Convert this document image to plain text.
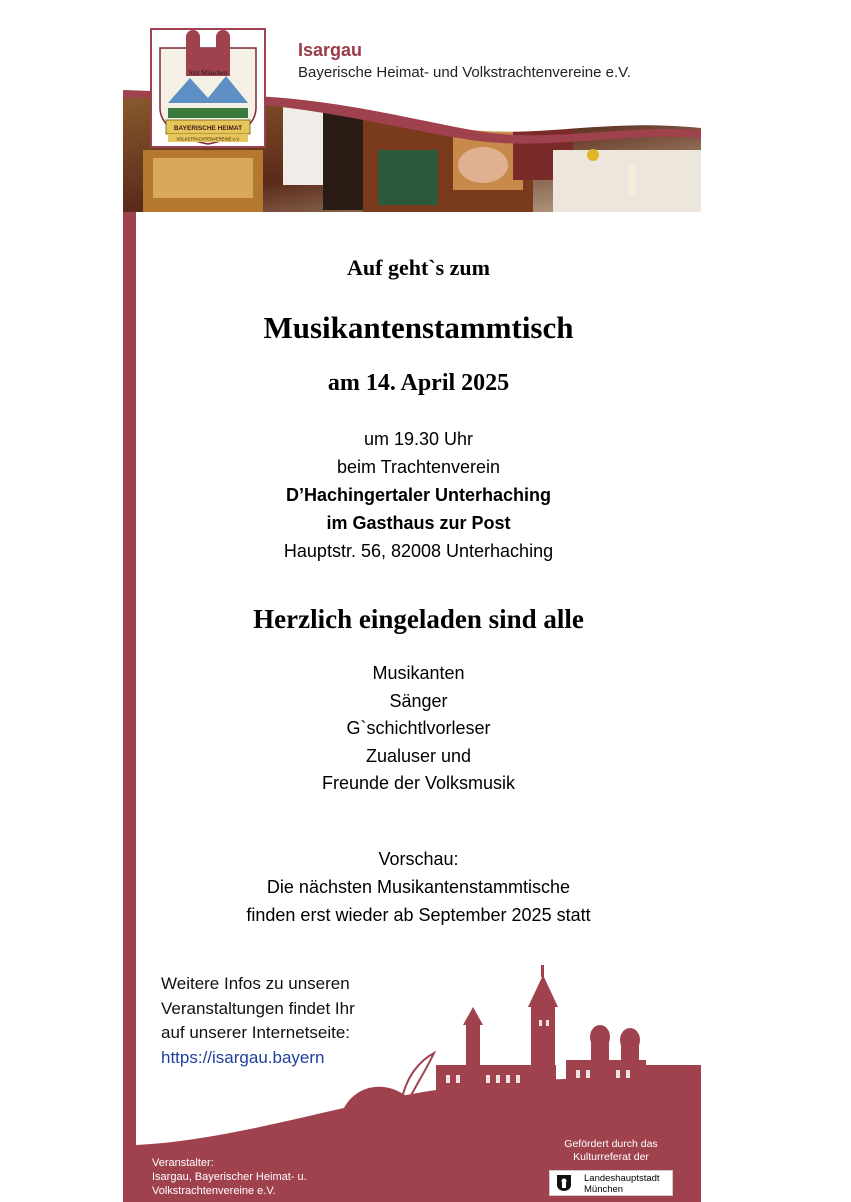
BAYERISCHE HEIMAT
VOLKSTRACHTENVEREINE e.V.
Sitz München
Isargau
Bayerische Heimat- und Volkstrachtenvereine e.V.
Auf geht`s zum
Musikantenstammtisch
am 14. April 2025
um 19.30 Uhr
beim Trachtenverein
D’Hachingertaler Unterhaching
im Gasthaus zur Post
Hauptstr. 56, 82008 Unterhaching
Herzlich eingeladen sind alle
Musikanten
Sänger
G`schichtlvorleser
Zualuser und
Freunde der Volksmusik
Vorschau:
Die nächsten Musikantenstammtische
finden erst wieder ab September 2025 statt
Weitere Infos zu unseren
Veranstaltungen findet Ihr
auf unserer Internetseite:
https://isargau.bayern
Veranstalter:
Isargau, Bayerischer Heimat- u.
Volkstrachtenvereine e.V.
Gefördert durch das
Kulturreferat der
Landeshauptstadt
München
